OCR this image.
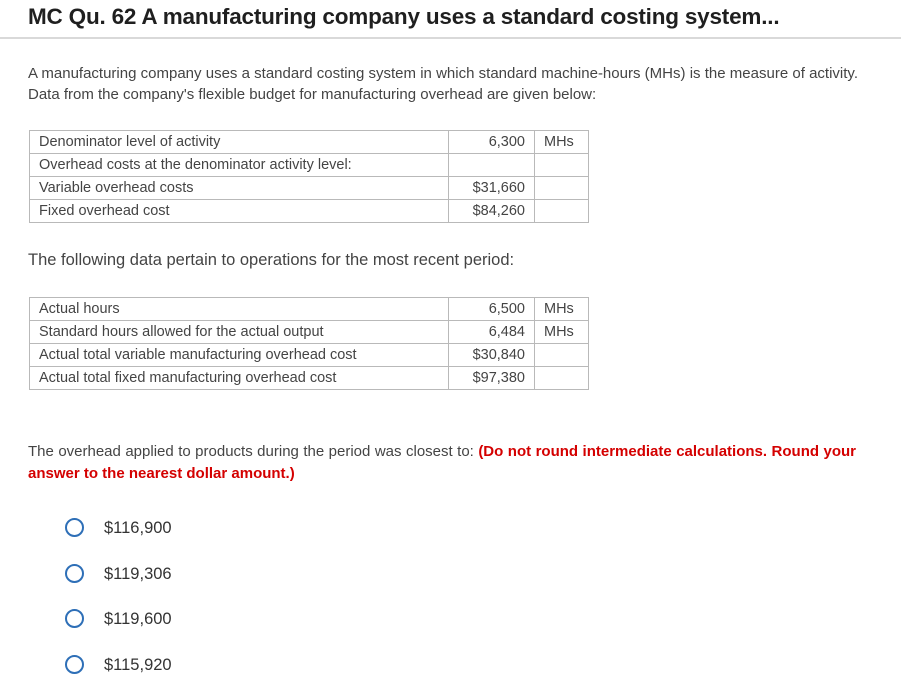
MC Qu. 62 A manufacturing company uses a standard costing system...

A manufacturing company uses a standard costing system in which standard machine-hours (MHs) is the measure of activity. Data from the company's flexible budget for manufacturing overhead are given below:

Denominator level of activity	6,300	MHs
Overhead costs at the denominator activity level:		
Variable overhead costs	$31,660	
Fixed overhead cost	$84,260	

The following data pertain to operations for the most recent period:

Actual hours	6,500	MHs
Standard hours allowed for the actual output	6,484	MHs
Actual total variable manufacturing overhead cost	$30,840	
Actual total fixed manufacturing overhead cost	$97,380	
The overhead applied to products during the period was closest to: (Do not round intermediate calculations. Round your answer to the nearest dollar amount.)
$116,900
$119,306
$119,600
$115,920
